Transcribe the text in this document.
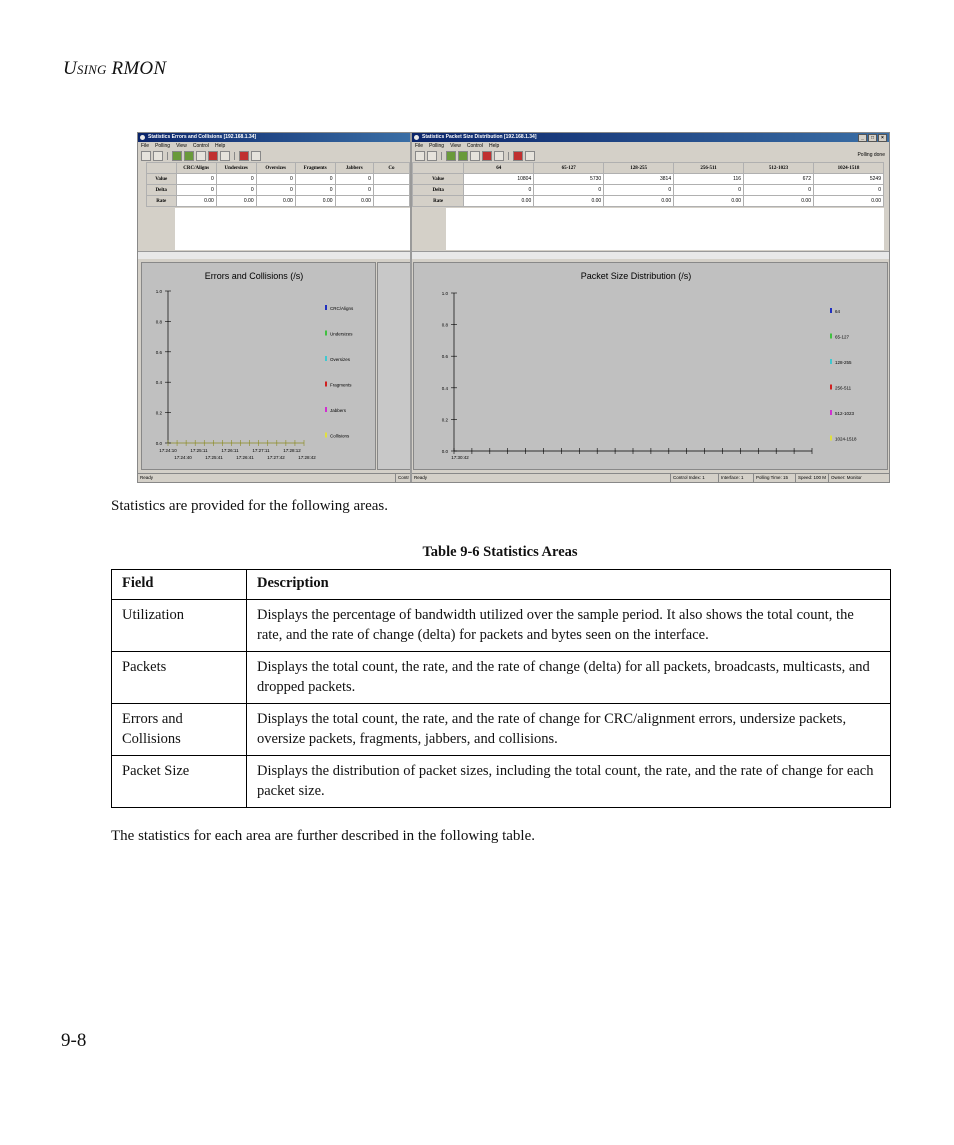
Using RMON
Statistics Errors and Collisions [192.168.1.34]
File Polling View Control Help
	CRC/Aligns	Undersizes	Oversizes	Fragments	Jabbers	Co
Value	0	0	0	0	0	
Delta	0	0	0	0	0	
Rate	0.00	0.00	0.00	0.00	0.00	
Errors and Collisions (/s)
1.0
0.8
0.6
0.4
0.2
0.0
CRC/Aligns
Undersizes
Oversizes
Fragments
Jabbers
Collisions
17:24:10	17:25:11	17:26:11	17:27:11	17:28:12
17:24:40	17:25:41	17:26:41	17:27:42	17:28:42
Ready	Contr
Statistics Packet Size Distribution [192.168.1.34]	_	□	×
File Polling View Control Help
Polling done
	64	65-127	128-255	256-511	512-1023	1024-1518
Value	10804	5730	3814	116	672	5249
Delta	0	0	0	0	0	0
Rate	0.00	0.00	0.00	0.00	0.00	0.00
Packet Size Distribution (/s)
1.0
0.8
0.6
0.4
0.2
0.0
64
65-127
128-255
256-511
512-1023
1024-1518
17:30:42
Ready	Control Index: 1	Interface: 1	Polling Time: 15	Speed: 100 M	Owner: Monitor
Statistics are provided for the following areas.
Table 9-6 Statistics Areas
Field	Description
Utilization	Displays the percentage of bandwidth utilized over the sample period. It also shows the total count, the rate, and the rate of change (delta) for packets and bytes seen on the interface.
Packets	Displays the total count, the rate, and the rate of change (delta) for all packets, broadcasts, multicasts, and dropped packets.
Errors and Collisions	Displays the total count, the rate, and the rate of change for CRC/alignment errors, undersize packets, oversize packets, fragments, jabbers, and collisions.
Packet Size	Displays the distribution of packet sizes, including the total count, the rate, and the rate of change for each packet size.
The statistics for each area are further described in the following table.
9-8
